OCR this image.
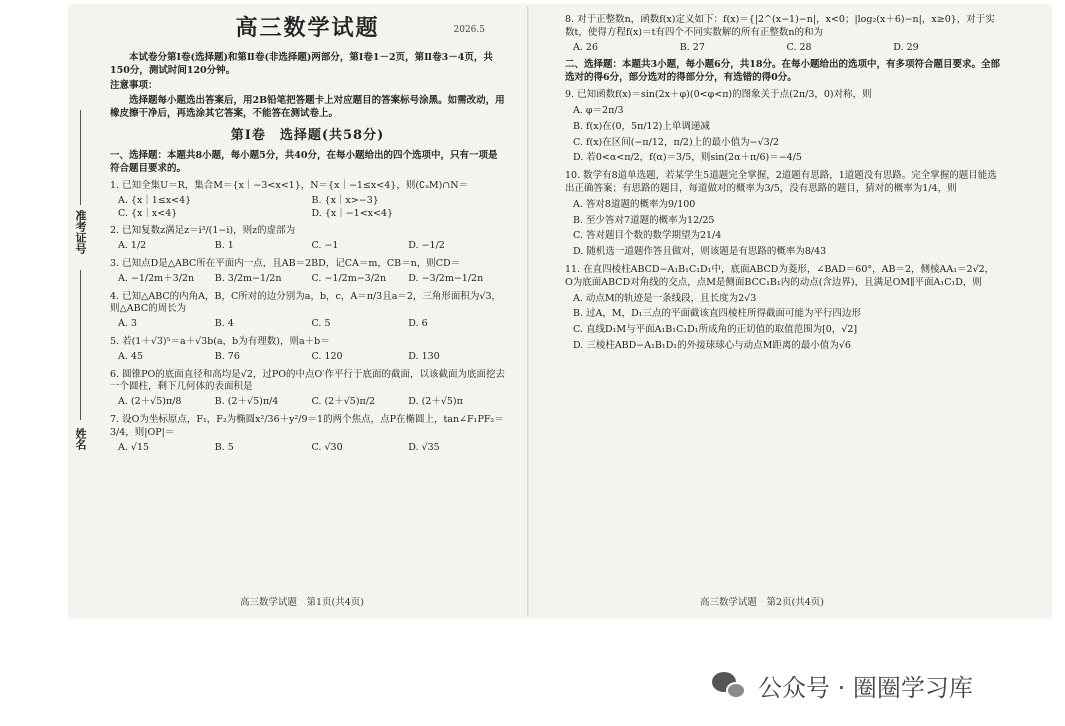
准考证号
姓名
高三数学试题	2026.5
本试卷分第Ⅰ卷(选择题)和第Ⅱ卷(非选择题)两部分，第Ⅰ卷1－2页，第Ⅱ卷3－4页，共150分，测试时间120分钟。
注意事项：
选择题每小题选出答案后，用2B铅笔把答题卡上对应题目的答案标号涂黑。如需改动，用橡皮擦干净后，再选涂其它答案，不能答在测试卷上。
第Ⅰ卷　选择题(共58分)
一、选择题：本题共8小题，每小题5分，共40分，在每小题给出的四个选项中，只有一项是符合题目要求的。
1. 已知全集U＝R，集合M＝{x｜−3<x<1}，N＝{x｜−1≤x<4}，则(∁ᵤM)∩N＝
A. {x｜1≤x<4}	B. {x｜x>−3}
C. {x｜x<4}	D. {x｜−1<x<4}
2. 已知复数z满足z＝i³/(1−i)，则z的虚部为
A. 1/2	B. 1	C. −1	D. −1/2
3. 已知点D是△ABC所在平面内一点，且AB＝2BD，记CA＝m，CB＝n，则CD＝
A. −1/2m＋3/2n	B. 3/2m−1/2n	C. −1/2m−3/2n	D. −3/2m−1/2n
4. 已知△ABC的内角A，B，C所对的边分别为a，b，c，A＝π/3且a＝2，三角形面积为√3，则△ABC的周长为
A. 3	B. 4	C. 5	D. 6
5. 若(1＋√3)⁵＝a＋√3b(a，b为有理数)，则a＋b＝
A. 45	B. 76	C. 120	D. 130
6. 圆锥PO的底面直径和高均是√2，过PO的中点O′作平行于底面的截面，以该截面为底面挖去一个圆柱，剩下几何体的表面积是
A. (2＋√5)π/8	B. (2＋√5)π/4	C. (2＋√5)π/2	D. (2＋√5)π
7. 设O为坐标原点，F₁，F₂为椭圆x²/36＋y²/9＝1的两个焦点，点P在椭圆上，tan∠F₁PF₂＝3/4，则|OP|＝
A. √15	B. 5	C. √30	D. √35
高三数学试题　第1页(共4页)
8. 对于正整数n，函数f(x)定义如下：f(x)＝{|2^(x−1)−n|，x<0；|log₂(x＋6)−n|，x≥0}，对于实数t，使得方程f(x)＝t有四个不同实数解的所有正整数n的和为
A. 26	B. 27	C. 28	D. 29
二、选择题：本题共3小题，每小题6分，共18分。在每小题给出的选项中，有多项符合题目要求。全部选对的得6分，部分选对的得部分分，有选错的得0分。
9. 已知函数f(x)＝sin(2x＋φ)(0<φ<π)的图象关于点(2π/3，0)对称，则
A. φ＝2π/3
B. f(x)在(0，5π/12)上单调递减
C. f(x)在区间(−π/12，π/2)上的最小值为−√3/2
D. 若0<α<π/2，f(α)＝3/5，则sin(2α＋π/6)＝−4/5
10. 数学有8道单选题，若某学生5道题完全掌握，2道题有思路，1道题没有思路。完全掌握的题目能选出正确答案；有思路的题目，每道做对的概率为3/5，没有思路的题目，猜对的概率为1/4，则
A. 答对8道题的概率为9/100
B. 至少答对7道题的概率为12/25
C. 答对题目个数的数学期望为21/4
D. 随机选一道题作答且做对，则该题是有思路的概率为8/43
11. 在直四棱柱ABCD−A₁B₁C₁D₁中，底面ABCD为菱形，∠BAD＝60°，AB＝2，侧棱AA₁＝2√2，O为底面ABCD对角线的交点，点M是侧面BCC₁B₁内的动点(含边界)，且满足OM∥平面A₁C₁D，则
A. 动点M的轨迹是一条线段，且长度为2√3
B. 过A，M，D₁三点的平面截该直四棱柱所得截面可能为平行四边形
C. 直线D₁M与平面A₁B₁C₁D₁所成角的正切值的取值范围为[0，√2]
D. 三棱柱ABD−A₁B₁D₁的外接球球心与动点M距离的最小值为√6
高三数学试题　第2页(共4页)
公众号 · 圈圈学习库
